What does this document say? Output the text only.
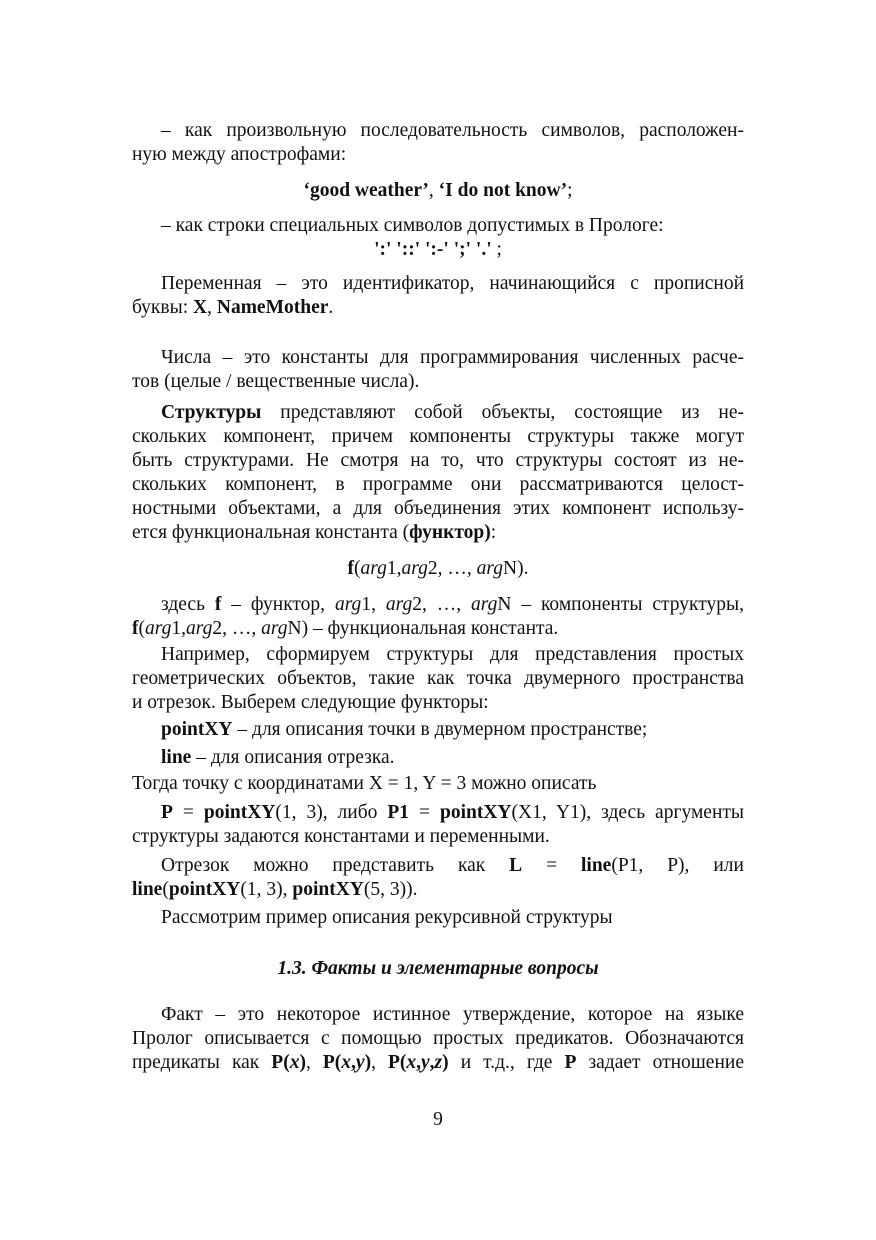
– как произвольную последовательность символов, расположен-
ную между апострофами:
‘good weather’, ‘I do not know’;
– как строки специальных символов допустимых в Прологе:
':' '::' ':-' ';' '.' ;
Переменная – это идентификатор, начинающийся с прописной
буквы: X, NameMother.
Числа – это константы для программирования численных расче-
тов (целые / вещественные числа).
Структуры представляют собой объекты, состоящие из не-
скольких компонент, причем компоненты структуры также могут
быть структурами. Не смотря на то, что структуры состоят из не-
скольких компонент, в программе они рассматриваются целост-
ностными объектами, а для объединения этих компонент использу-
ется функциональная константа (функтор):
f(arg1,arg2, …, argN).
здесь f – функтор, arg1, arg2, …, argN – компоненты структуры,
f(arg1,arg2, …, argN) – функциональная константа.
Например, сформируем структуры для представления простых
геометрических объектов, такие как точка двумерного пространства
и отрезок. Выберем следующие функторы:
pointXY – для описания точки в двумерном пространстве;
line – для описания отрезка.
Тогда точку с координатами X = 1, Y = 3 можно описать
P = pointXY(1, 3), либо P1 = pointXY(X1, Y1), здесь аргументы
структуры задаются константами и переменными.
Отрезок можно представить как L = line(P1, P), или
line(pointXY(1, 3), pointXY(5, 3)).
Рассмотрим пример описания рекурсивной структуры
1.3. Факты и элементарные вопросы
Факт – это некоторое истинное утверждение, которое на языке
Пролог описывается с помощью простых предикатов. Обозначаются
предикаты как P(x), P(x,y), P(x,y,z) и т.д., где P задает отношение
9
